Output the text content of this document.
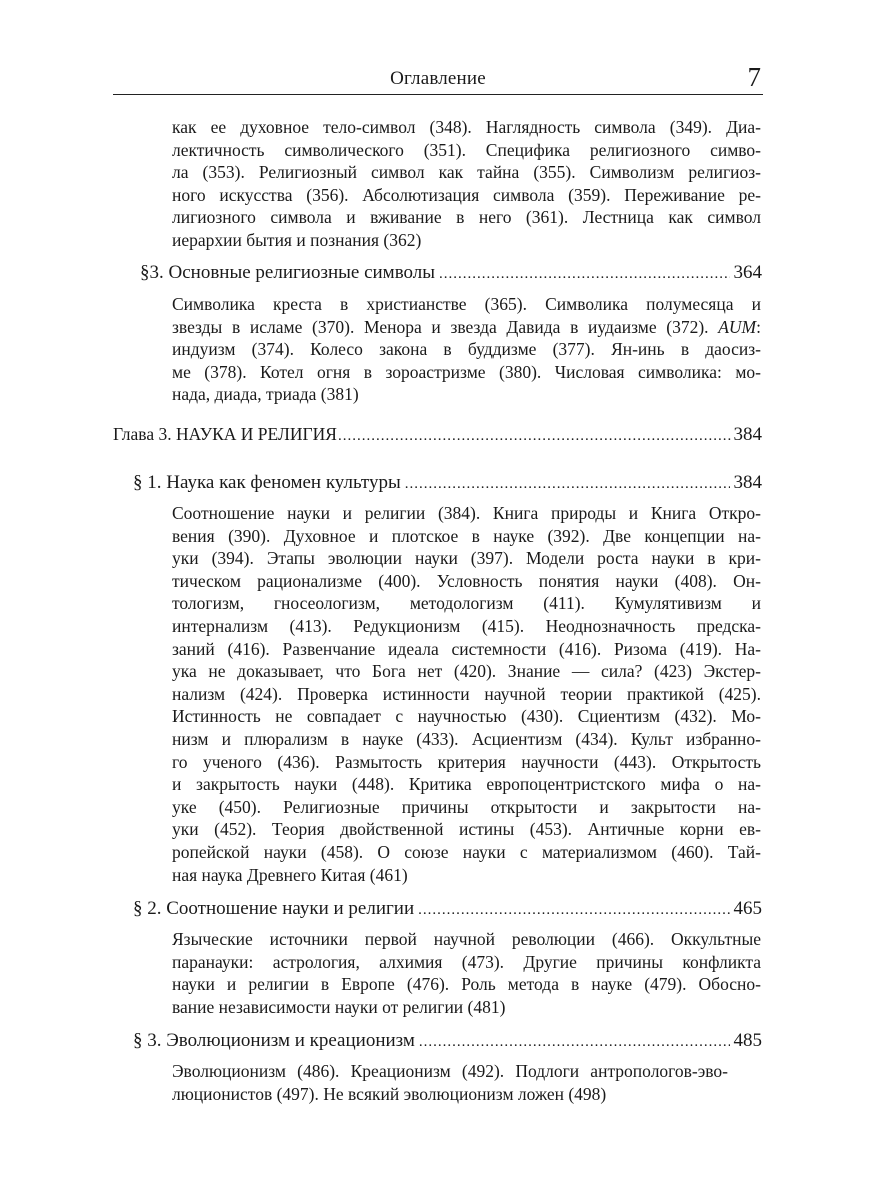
Оглавление	7
как ее духовное тело-символ (348). Наглядность символа (349). Диа-
лектичность символического (351). Специфика религиозного симво-
ла (353). Религиозный символ как тайна (355). Символизм религиоз-
ного искусства (356). Абсолютизация символа (359). Переживание ре-
лигиозного символа и вживание в него (361). Лестница как символ
иерархии бытия и познания (362)
§3. Основные религиозные символы .....	364
Символика креста в христианстве (365). Символика полумесяца и
звезды в исламе (370). Менора и звезда Давида в иудаизме (372). AUM:
индуизм (374). Колесо закона в буддизме (377). Ян-инь в даосиз-
ме (378). Котел огня в зороастризме (380). Числовая символика: мо-
нада, диада, триада (381)
Глава 3. НАУКА И РЕЛИГИЯ .....	384
§ 1. Наука как феномен культуры .....	384
Соотношение науки и религии (384). Книга природы и Книга Откро-
вения (390). Духовное и плотское в науке (392). Две концепции на-
уки (394). Этапы эволюции науки (397). Модели роста науки в кри-
тическом рационализме (400). Условность понятия науки (408). Он-
тологизм, гносеологизм, методологизм (411). Кумулятивизм и
интернализм (413). Редукционизм (415). Неоднозначность предска-
заний (416). Развенчание идеала системности (416). Ризома (419). На-
ука не доказывает, что Бога нет (420). Знание — сила? (423) Экстер-
нализм (424). Проверка истинности научной теории практикой (425).
Истинность не совпадает с научностью (430). Сциентизм (432). Мо-
низм и плюрализм в науке (433). Асциентизм (434). Культ избранно-
го ученого (436). Размытость критерия научности (443). Открытость
и закрытость науки (448). Критика европоцентристского мифа о на-
уке (450). Религиозные причины открытости и закрытости на-
уки (452). Теория двойственной истины (453). Античные корни ев-
ропейской науки (458). О союзе науки с материализмом (460). Тай-
ная наука Древнего Китая (461)
§ 2. Соотношение науки и религии .....	465
Языческие источники первой научной революции (466). Оккультные
паранауки: астрология, алхимия (473). Другие причины конфликта
науки и религии в Европе (476). Роль метода в науке (479). Обосно-
вание независимости науки от религии (481)
§ 3. Эволюционизм и креационизм .....	485
Эволюционизм (486). Креационизм (492). Подлоги антропологов-эво-
люционистов (497). Не всякий эволюционизм ложен (498)
